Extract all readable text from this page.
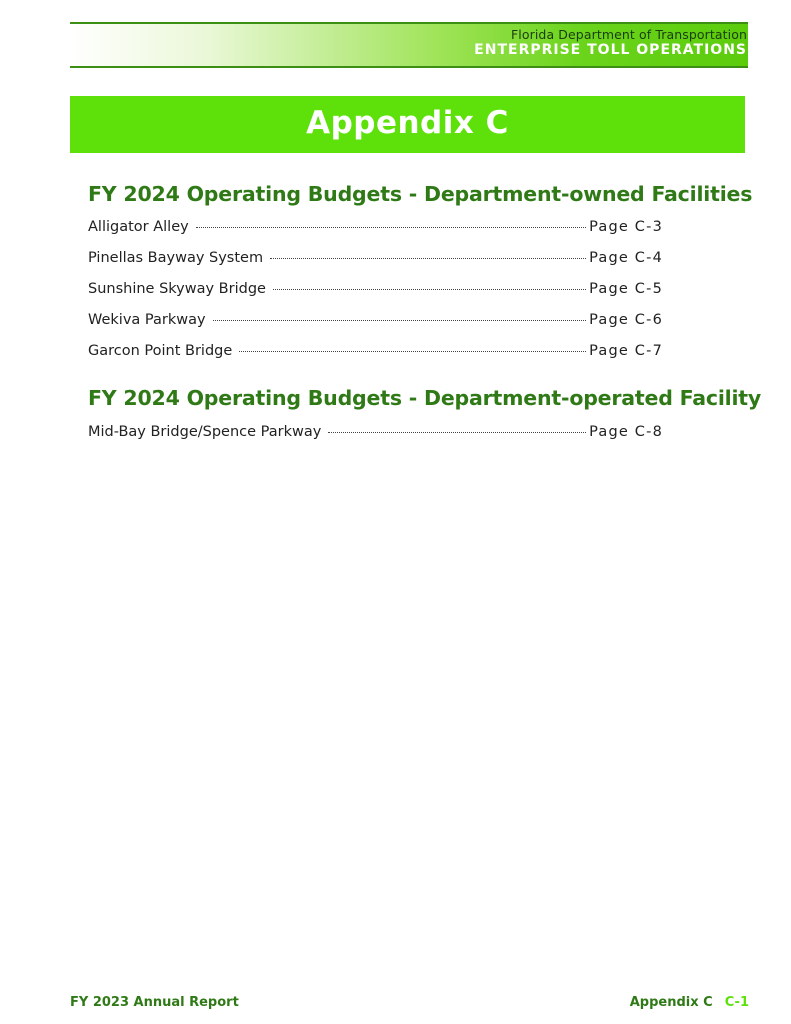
Florida Department of Transportation
ENTERPRISE TOLL OPERATIONS
Appendix C
FY 2024 Operating Budgets - Department-owned Facilities
Alligator Alley	Page C-3
Pinellas Bayway System	Page C-4
Sunshine Skyway Bridge	Page C-5
Wekiva Parkway	Page C-6
Garcon Point Bridge	Page C-7
FY 2024 Operating Budgets - Department-operated Facility
Mid-Bay Bridge/Spence Parkway	Page C-8
FY 2023 Annual Report	Appendix C C-1
